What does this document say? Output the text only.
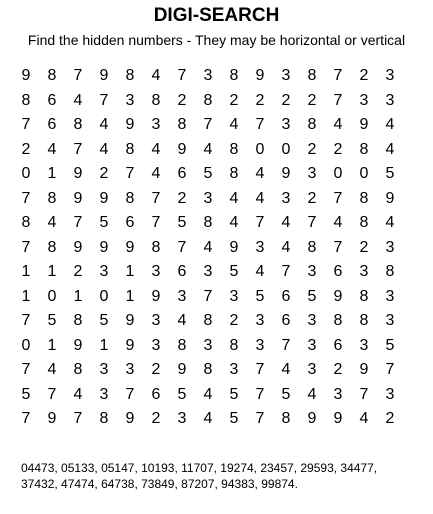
DIGI-SEARCH
Find the hidden numbers - They may be horizontal or vertical
9	8	7	9	8	4	7	3	8	9	3	8	7	2	3
8	6	4	7	3	8	2	8	2	2	2	2	7	3	3
7	6	8	4	9	3	8	7	4	7	3	8	4	9	4
2	4	7	4	8	4	9	4	8	0	0	2	2	8	4
0	1	9	2	7	4	6	5	8	4	9	3	0	0	5
7	8	9	9	8	7	2	3	4	4	3	2	7	8	9
8	4	7	5	6	7	5	8	4	7	4	7	4	8	4
7	8	9	9	9	8	7	4	9	3	4	8	7	2	3
1	1	2	3	1	3	6	3	5	4	7	3	6	3	8
1	0	1	0	1	9	3	7	3	5	6	5	9	8	3
7	5	8	5	9	3	4	8	2	3	6	3	8	8	3
0	1	9	1	9	3	8	3	8	3	7	3	6	3	5
7	4	8	3	3	2	9	8	3	7	4	3	2	9	7
5	7	4	3	7	6	5	4	5	7	5	4	3	7	3
7	9	7	8	9	2	3	4	5	7	8	9	9	4	2
04473, 05133, 05147, 10193, 11707, 19274, 23457, 29593, 34477,
37432, 47474, 64738, 73849, 87207, 94383, 99874.
